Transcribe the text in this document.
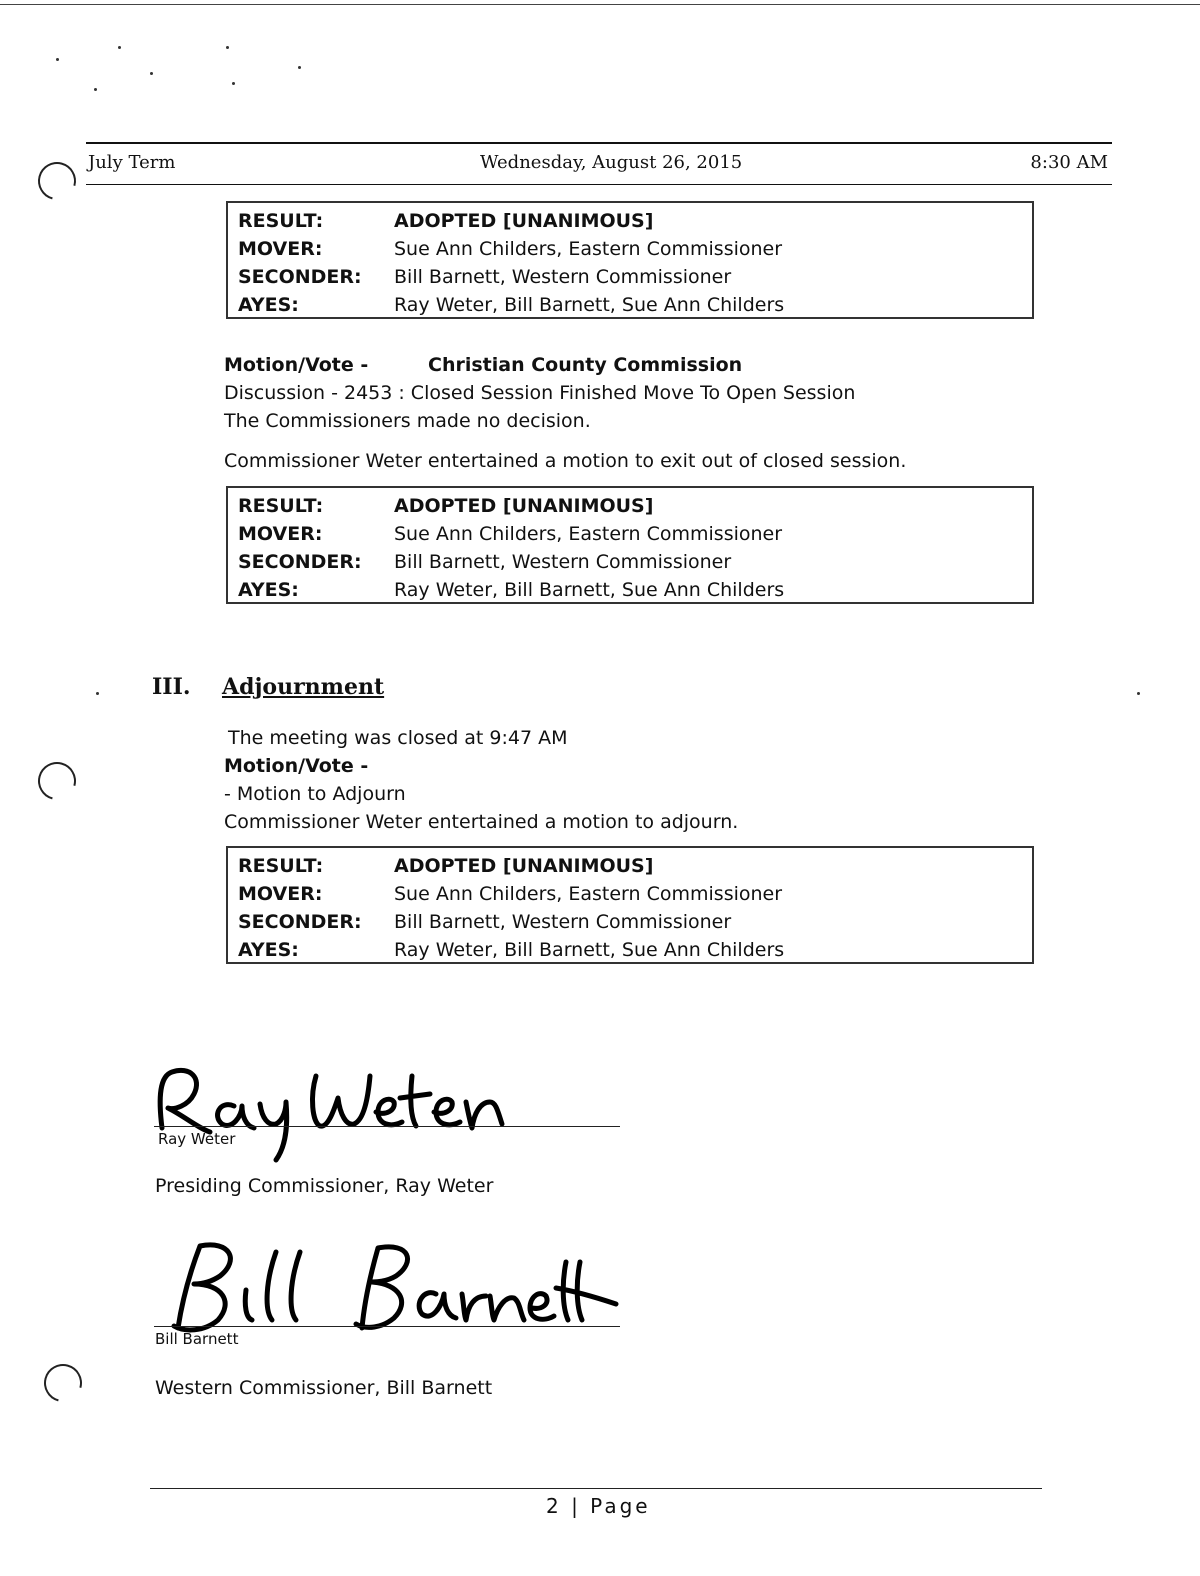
July Term	Wednesday, August 26, 2015	8:30 AM
RESULT:	ADOPTED [UNANIMOUS]
MOVER:	Sue Ann Childers, Eastern Commissioner
SECONDER:	Bill Barnett, Western Commissioner
AYES:	Ray Weter, Bill Barnett, Sue Ann Childers
Motion/Vote -	Christian County Commission
Discussion - 2453 : Closed Session Finished Move To Open Session
The Commissioners made no decision.
Commissioner Weter entertained a motion to exit out of closed session.
RESULT:	ADOPTED [UNANIMOUS]
MOVER:	Sue Ann Childers, Eastern Commissioner
SECONDER:	Bill Barnett, Western Commissioner
AYES:	Ray Weter, Bill Barnett, Sue Ann Childers
III. Adjournment
The meeting was closed at 9:47 AM
Motion/Vote -
- Motion to Adjourn
Commissioner Weter entertained a motion to adjourn.
RESULT:	ADOPTED [UNANIMOUS]
MOVER:	Sue Ann Childers, Eastern Commissioner
SECONDER:	Bill Barnett, Western Commissioner
AYES:	Ray Weter, Bill Barnett, Sue Ann Childers
Ray Weter
Presiding Commissioner, Ray Weter
Bill Barnett
Western Commissioner, Bill Barnett
2 | Page
